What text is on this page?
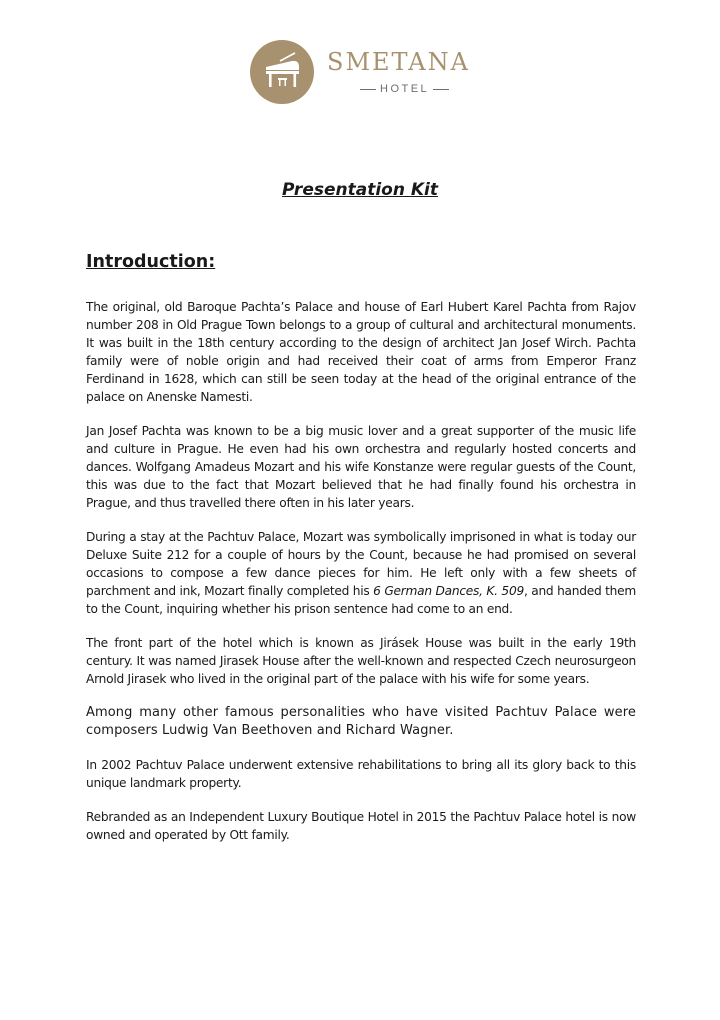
SMETANA
HOTEL
Presentation Kit
Introduction:

The original, old Baroque Pachta’s Palace and house of Earl Hubert Karel Pachta from Rajov number 208 in Old Prague Town belongs to a group of cultural and architectural monuments. It was built in the 18th century according to the design of architect Jan Josef Wirch. Pachta family were of noble origin and had received their coat of arms from Emperor Franz Ferdinand in 1628, which can still be seen today at the head of the original entrance of the palace on Anenske Namesti.

Jan Josef Pachta was known to be a big music lover and a great supporter of the music life and culture in Prague. He even had his own orchestra and regularly hosted concerts and dances. Wolfgang Amadeus Mozart and his wife Konstanze were regular guests of the Count, this was due to the fact that Mozart believed that he had finally found his orchestra in Prague, and thus travelled there often in his later years.

During a stay at the Pachtuv Palace, Mozart was symbolically imprisoned in what is today our Deluxe Suite 212 for a couple of hours by the Count, because he had promised on several occasions to compose a few dance pieces for him. He left only with a few sheets of parchment and ink, Mozart finally completed his 6 German Dances, K. 509, and handed them to the Count, inquiring whether his prison sentence had come to an end.

The front part of the hotel which is known as Jirásek House was built in the early 19th century. It was named Jirasek House after the well-known and respected Czech neurosurgeon Arnold Jirasek who lived in the original part of the palace with his wife for some years.

Among many other famous personalities who have visited Pachtuv Palace were composers Ludwig Van Beethoven and Richard Wagner.

In 2002 Pachtuv Palace underwent extensive rehabilitations to bring all its glory back to this unique landmark property.

Rebranded as an Independent Luxury Boutique Hotel in 2015 the Pachtuv Palace hotel is now owned and operated by Ott family.
